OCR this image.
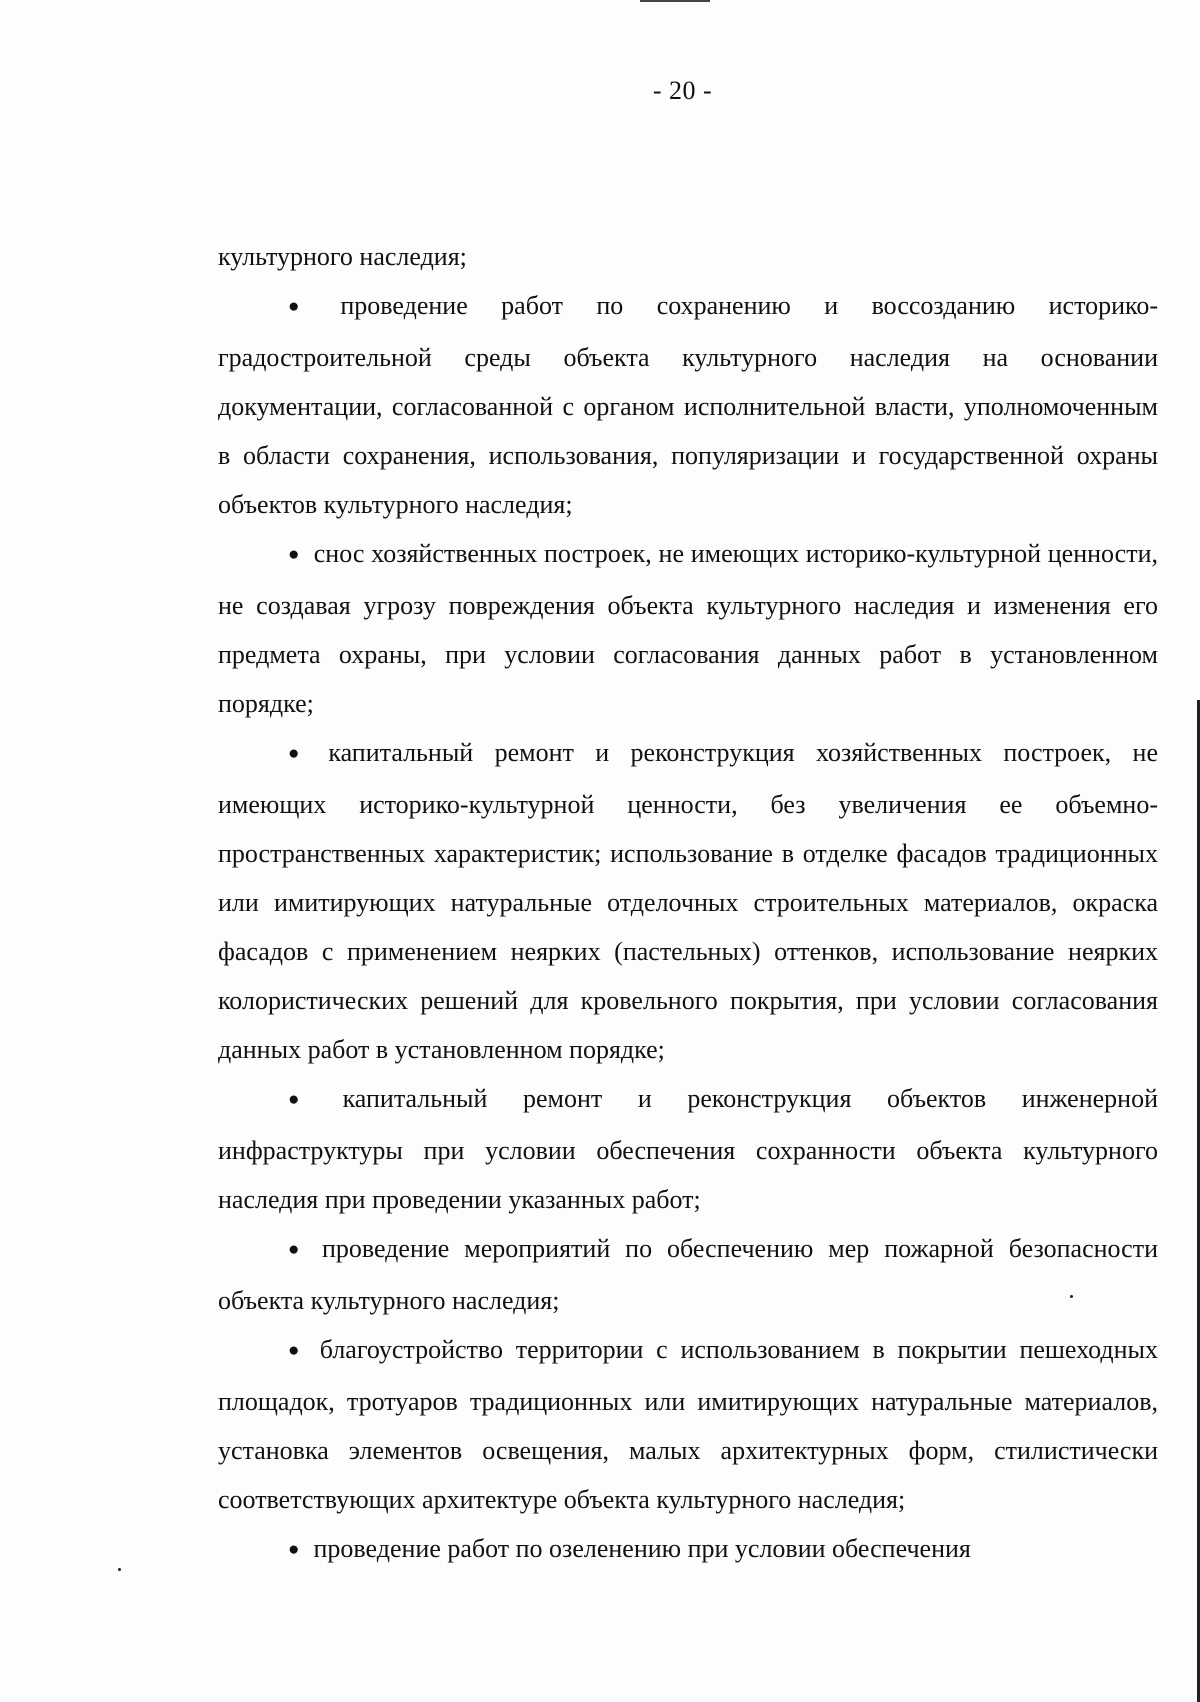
- 20 -

культурного наследия;

● проведение работ по сохранению и воссозданию историко-градостроительной среды объекта культурного наследия на основании документации, согласованной с органом исполнительной власти, уполномоченным в области сохранения, использования, популяризации и государственной охраны объектов культурного наследия;

● снос хозяйственных построек, не имеющих историко-культурной ценности, не создавая угрозу повреждения объекта культурного наследия и изменения его предмета охраны, при условии согласования данных работ в установленном порядке;

● капитальный ремонт и реконструкция хозяйственных построек, не имеющих историко-культурной ценности, без увеличения ее объемно-пространственных характеристик; использование в отделке фасадов традиционных или имитирующих натуральные отделочных строительных материалов, окраска фасадов с применением неярких (пастельных) оттенков, использование неярких колористических решений для кровельного покрытия, при условии согласования данных работ в установленном порядке;

● капитальный ремонт и реконструкция объектов инженерной инфраструктуры при условии обеспечения сохранности объекта культурного наследия при проведении указанных работ;

● проведение мероприятий по обеспечению мер пожарной безопасности объекта культурного наследия;

● благоустройство территории с использованием в покрытии пешеходных площадок, тротуаров традиционных или имитирующих натуральные материалов, установка элементов освещения, малых архитектурных форм, стилистически соответствующих архитектуре объекта культурного наследия;

● проведение работ по озеленению при условии обеспечения
